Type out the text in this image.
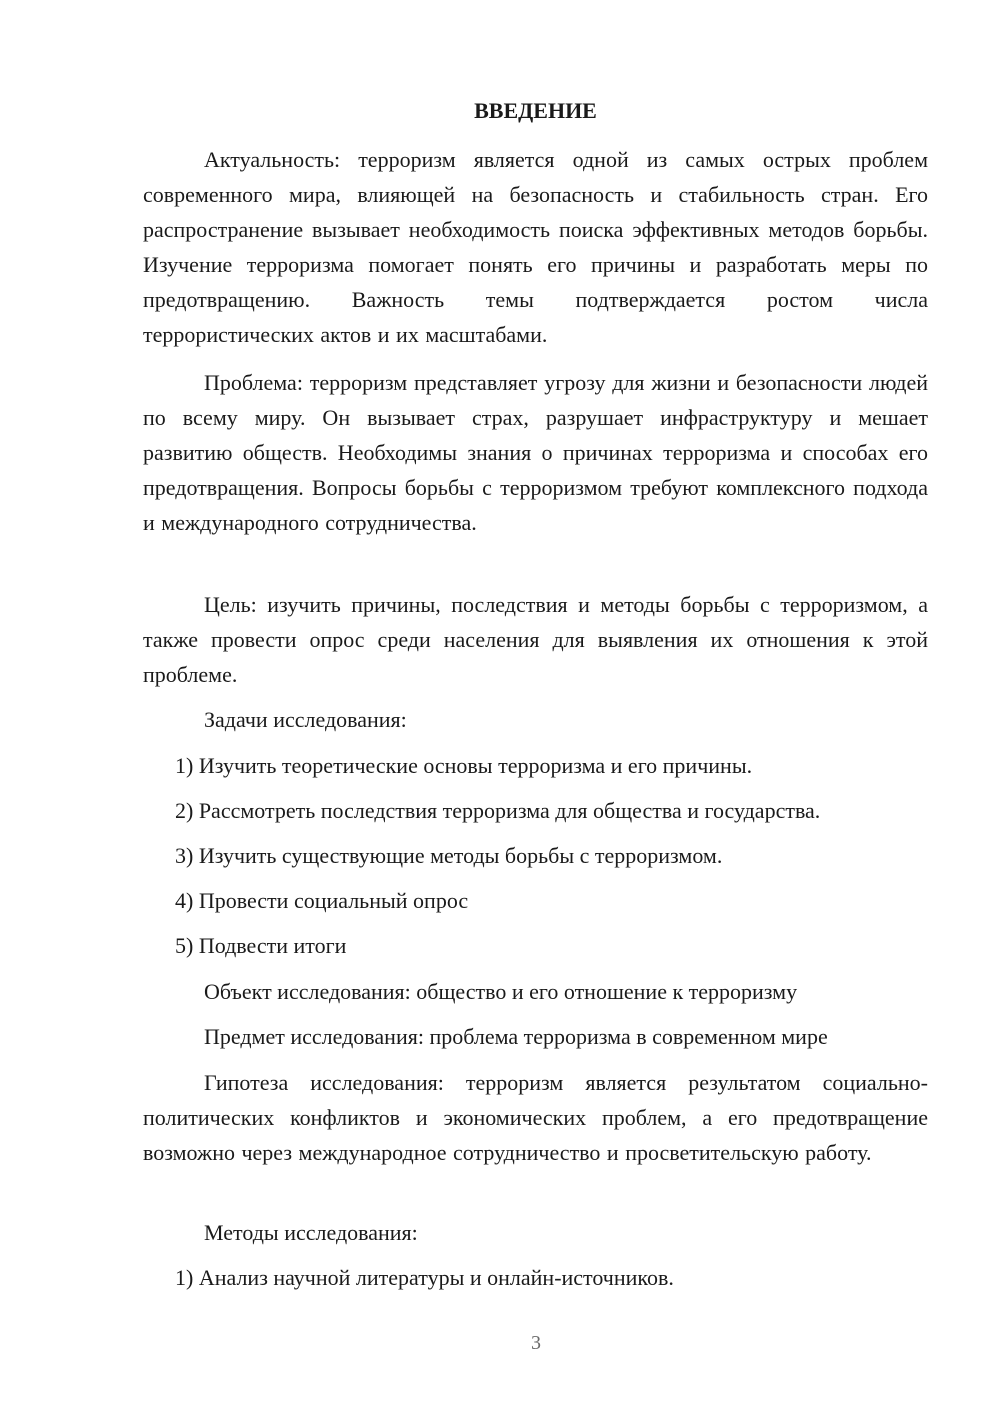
ВВЕДЕНИЕ

Актуальность: терроризм является одной из самых острых проблем современного мира, влияющей на безопасность и стабильность стран. Его распространение вызывает необходимость поиска эффективных методов борьбы. Изучение терроризма помогает понять его причины и разработать меры по предотвращению. Важность темы подтверждается ростом числа террористических актов и их масштабами.

Проблема: терроризм представляет угрозу для жизни и безопасности людей по всему миру. Он вызывает страх, разрушает инфраструктуру и мешает развитию обществ. Необходимы знания о причинах терроризма и способах его предотвращения. Вопросы борьбы с терроризмом требуют комплексного подхода и международного сотрудничества.

Цель: изучить причины, последствия и методы борьбы с терроризмом, а также провести опрос среди населения для выявления их отношения к этой проблеме.

Задачи исследования:

1) Изучить теоретические основы терроризма и его причины.

2) Рассмотреть последствия терроризма для общества и государства.

3) Изучить существующие методы борьбы с терроризмом.

4) Провести социальный опрос

5) Подвести итоги

Объект исследования: общество и его отношение к терроризму

Предмет исследования: проблема терроризма в современном мире

Гипотеза исследования: терроризм является результатом социально-политических конфликтов и экономических проблем, а его предотвращение возможно через международное сотрудничество и просветительскую работу.

Методы исследования:

1) Анализ научной литературы и онлайн-источников.

3
